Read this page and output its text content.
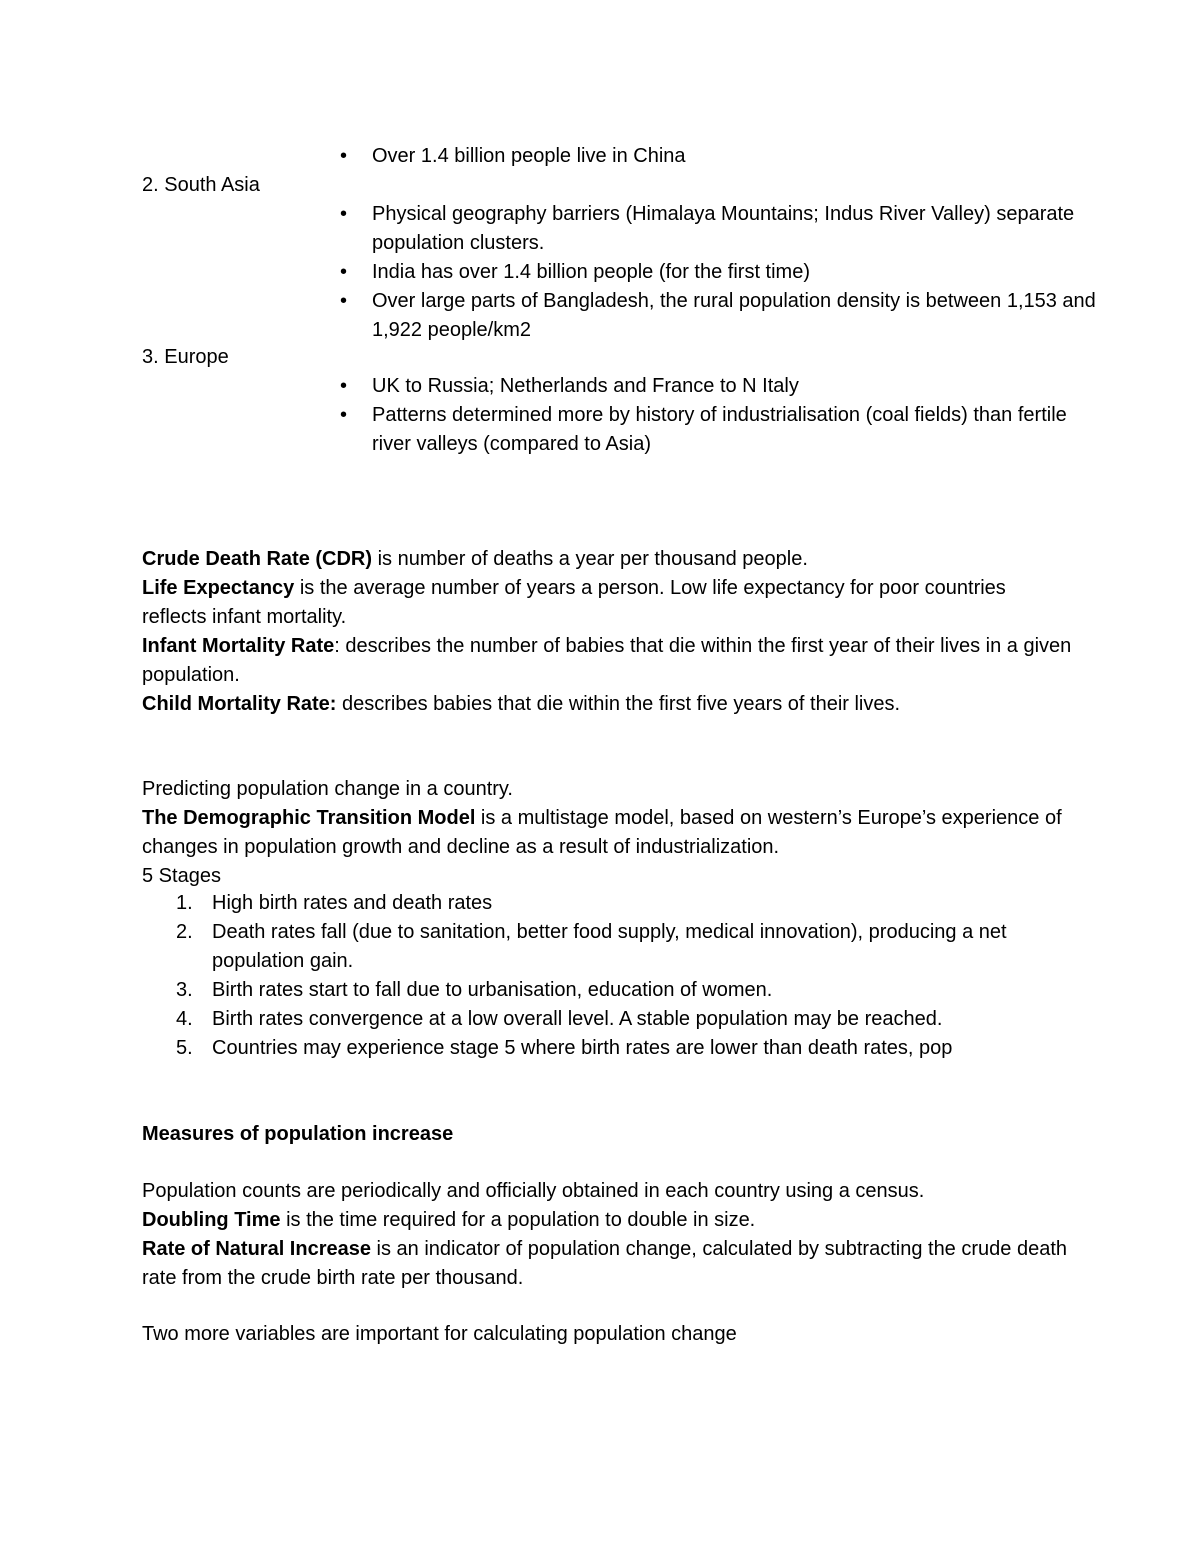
•	Over 1.4 billion people live in China
2. South Asia
•	Physical geography barriers (Himalaya Mountains; Indus River Valley) separate population clusters.
•	India has over 1.4 billion people (for the first time)
•	Over large parts of Bangladesh, the rural population density is between 1,153 and 1,922 people/km2
3. Europe
•	UK to Russia; Netherlands and France to N Italy
•	Patterns determined more by history of industrialisation (coal fields) than fertile river valleys (compared to Asia)

Crude Death Rate (CDR) is number of deaths a year per thousand people.

Life Expectancy is the average number of years a person. Low life expectancy for poor countries reflects infant mortality.

Infant Mortality Rate: describes the number of babies that die within the first year of their lives in a given population.

Child Mortality Rate: describes babies that die within the first five years of their lives.

Predicting population change in a country.

The Demographic Transition Model is a multistage model, based on western’s Europe’s experience of changes in population growth and decline as a result of industrialization.

5 Stages

1. High birth rates and death rates
2. Death rates fall (due to sanitation, better food supply, medical innovation), producing a net population gain.
3. Birth rates start to fall due to urbanisation, education of women.
4. Birth rates convergence at a low overall level. A stable population may be reached.
5. Countries may experience stage 5 where birth rates are lower than death rates, pop

Measures of population increase

Population counts are periodically and officially obtained in each country using a census.

Doubling Time is the time required for a population to double in size.

Rate of Natural Increase is an indicator of population change, calculated by subtracting the crude death rate from the crude birth rate per thousand.

Two more variables are important for calculating population change
